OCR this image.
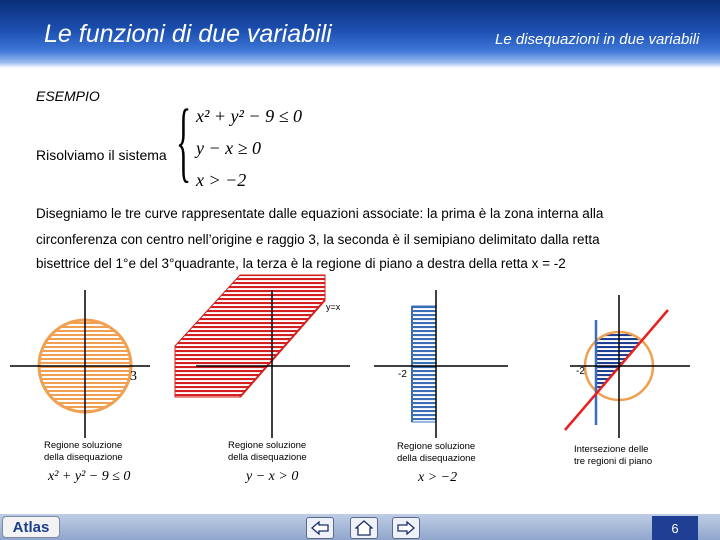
Le funzioni di due variabili	Le disequazioni in due variabili
ESEMPIO
Risolviamo il sistema { x² + y² − 9 ≤ 0
y − x ≥ 0
x > −2
Disegniamo le tre curve rappresentate dalle equazioni associate: la prima è la zona interna alla
circonferenza con centro nell’origine e raggio 3, la seconda è il semipiano delimitato dalla retta
bisettrice del 1°e del 3°quadrante, la terza è la regione di piano a destra della retta x = -2
3
y=x
-2	-2
Regione soluzione
della disequazione
x² + y² − 9 ≤ 0
Regione soluzione
della disequazione
y − x > 0
Regione soluzione
della disequazione
x > −2
Intersezione delle
tre regioni di piano
Atlas	6
